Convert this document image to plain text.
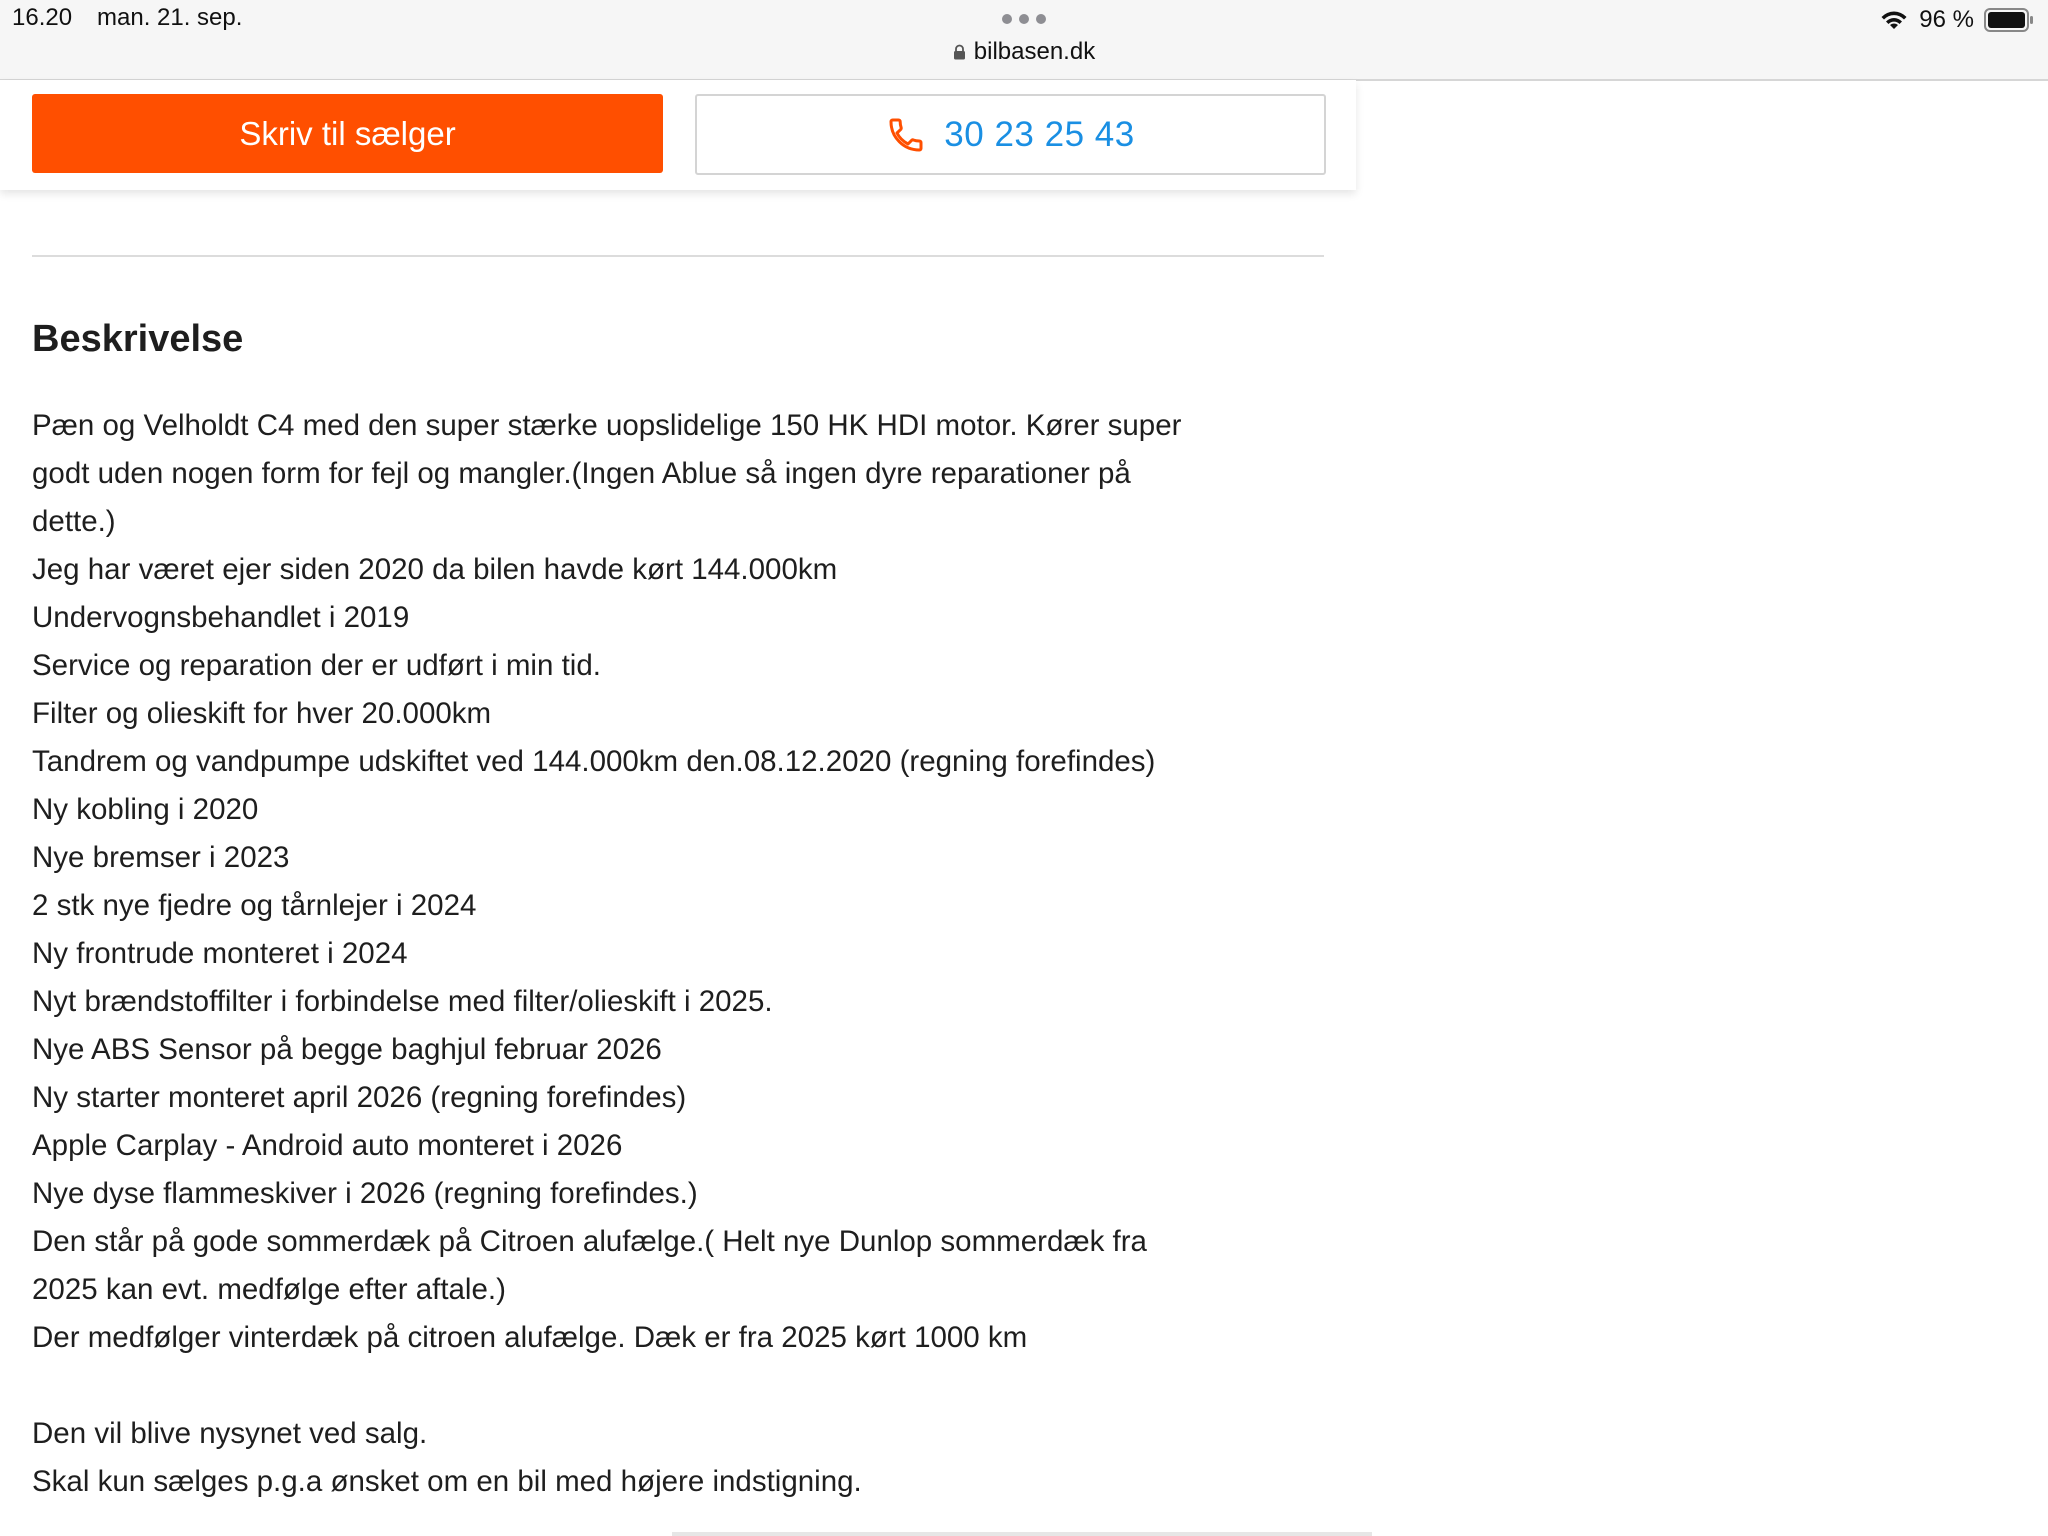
16.20 man. 21. sep.
bilbasen.dk
96 %
Skriv til sælger	30 23 25 43
Beskrivelse
Pæn og Velholdt C4 med den super stærke uopslidelige 150 HK HDI motor. Kører super
godt uden nogen form for fejl og mangler.(Ingen Ablue så ingen dyre reparationer på
dette.)
Jeg har været ejer siden 2020 da bilen havde kørt 144.000km
Undervognsbehandlet i 2019
Service og reparation der er udført i min tid.
Filter og olieskift for hver 20.000km
Tandrem og vandpumpe udskiftet ved 144.000km den.08.12.2020 (regning forefindes)
Ny kobling i 2020
Nye bremser i 2023
2 stk nye fjedre og tårnlejer i 2024
Ny frontrude monteret i 2024
Nyt brændstoffilter i forbindelse med filter/olieskift i 2025.
Nye ABS Sensor på begge baghjul februar 2026
Ny starter monteret april 2026 (regning forefindes)
Apple Carplay - Android auto monteret i 2026
Nye dyse flammeskiver i 2026 (regning forefindes.)
Den står på gode sommerdæk på Citroen alufælge.( Helt nye Dunlop sommerdæk fra
2025 kan evt. medfølge efter aftale.)
Der medfølger vinterdæk på citroen alufælge. Dæk er fra 2025 kørt 1000 km
Den vil blive nysynet ved salg.
Skal kun sælges p.g.a ønsket om en bil med højere indstigning.
